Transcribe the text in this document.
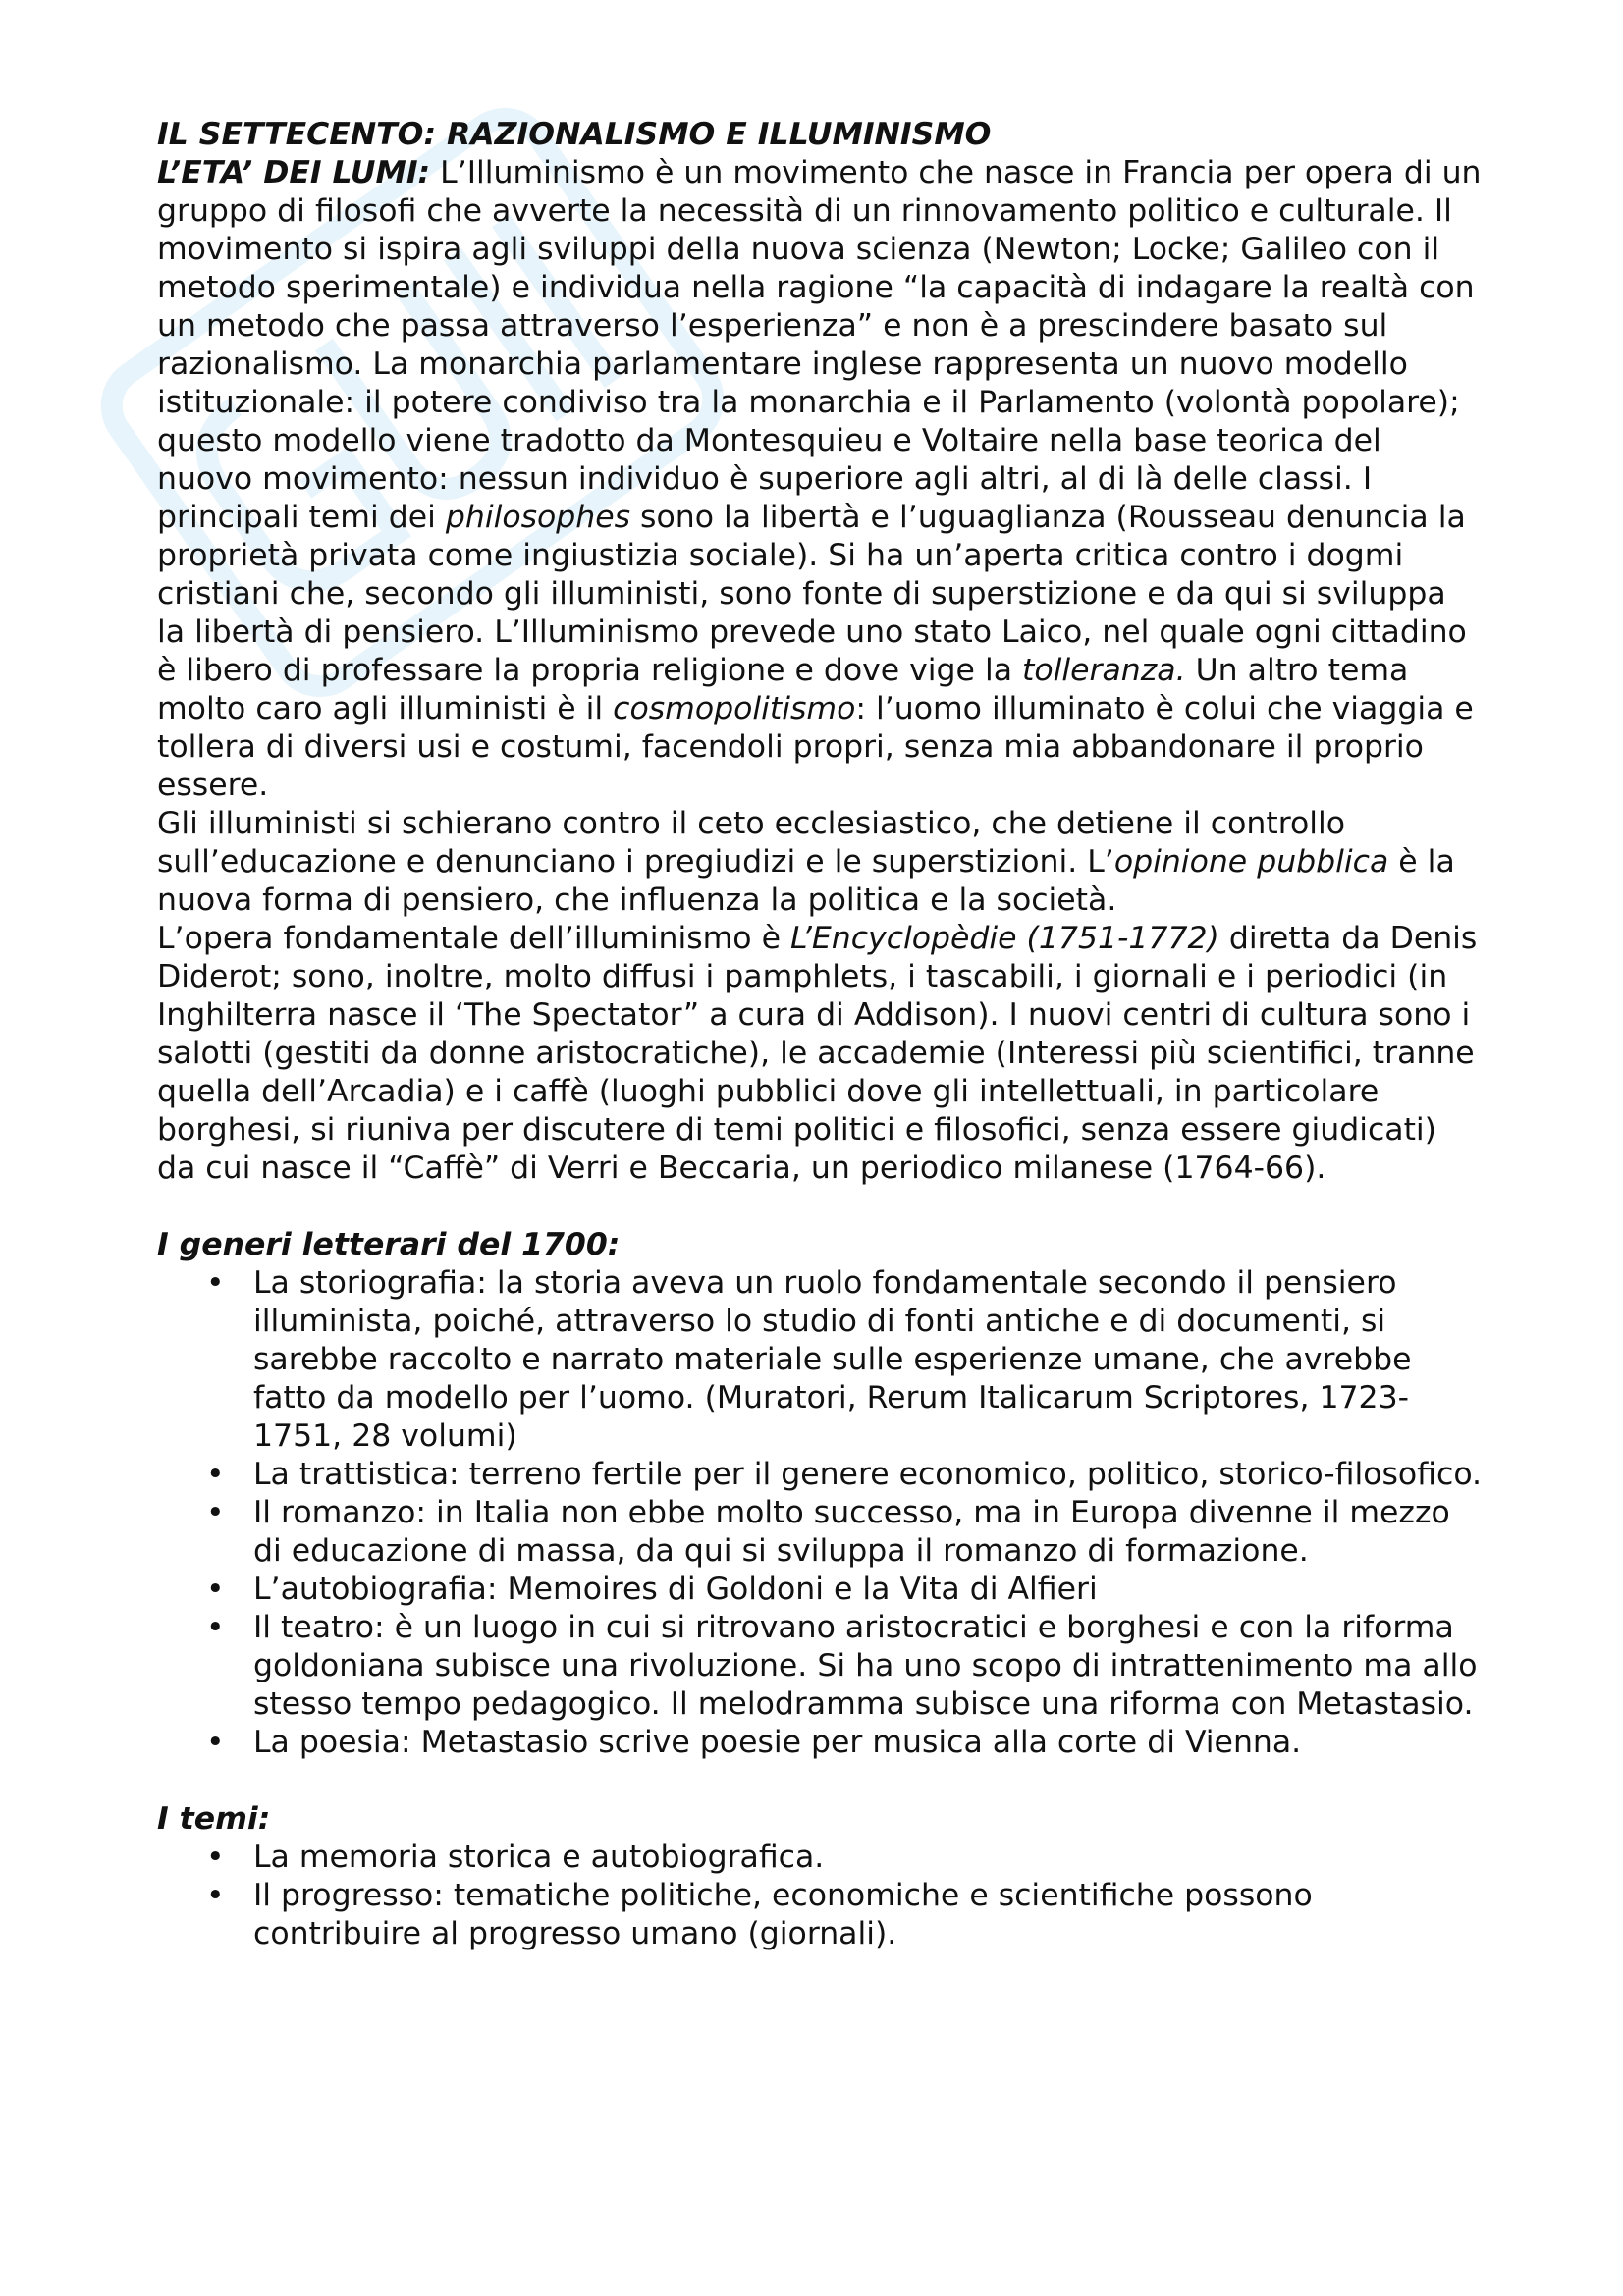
IL SETTECENTO: RAZIONALISMO E ILLUMINISMO

L’ETA’ DEI LUMI: L’Illuminismo è un movimento che nasce in Francia per opera di un gruppo di filosofi che avverte la necessità di un rinnovamento politico e culturale. Il movimento si ispira agli sviluppi della nuova scienza (Newton; Locke; Galileo con il metodo sperimentale) e individua nella ragione “la capacità di indagare la realtà con un metodo che passa attraverso l’esperienza” e non è a prescindere basato sul razionalismo. La monarchia parlamentare inglese rappresenta un nuovo modello istituzionale: il potere condiviso tra la monarchia e il Parlamento (volontà popolare); questo modello viene tradotto da Montesquieu e Voltaire nella base teorica del nuovo movimento: nessun individuo è superiore agli altri, al di là delle classi. I principali temi dei philosophes sono la libertà e l’uguaglianza (Rousseau denuncia la proprietà privata come ingiustizia sociale). Si ha un’aperta critica contro i dogmi cristiani che, secondo gli illuministi, sono fonte di superstizione e da qui si sviluppa la libertà di pensiero. L’Illuminismo prevede uno stato Laico, nel quale ogni cittadino è libero di professare la propria religione e dove vige la tolleranza. Un altro tema molto caro agli illuministi è il cosmopolitismo: l’uomo illuminato è colui che viaggia e tollera di diversi usi e costumi, facendoli propri, senza mia abbandonare il proprio essere.

Gli illuministi si schierano contro il ceto ecclesiastico, che detiene il controllo sull’educazione e denunciano i pregiudizi e le superstizioni. L’opinione pubblica è la nuova forma di pensiero, che influenza la politica e la società.

L’opera fondamentale dell’illuminismo è L’Encyclopèdie (1751-1772) diretta da Denis Diderot; sono, inoltre, molto diffusi i pamphlets, i tascabili, i giornali e i periodici (in Inghilterra nasce il ‘The Spectator” a cura di Addison). I nuovi centri di cultura sono i salotti (gestiti da donne aristocratiche), le accademie (Interessi più scientifici, tranne quella dell’Arcadia) e i caffè (luoghi pubblici dove gli intellettuali, in particolare borghesi, si riuniva per discutere di temi politici e filosofici, senza essere giudicati) da cui nasce il “Caffè” di Verri e Beccaria, un periodico milanese (1764-66).

I generi letterari del 1700:

• La storiografia: la storia aveva un ruolo fondamentale secondo il pensiero illuminista, poiché, attraverso lo studio di fonti antiche e di documenti, si sarebbe raccolto e narrato materiale sulle esperienze umane, che avrebbe fatto da modello per l’uomo. (Muratori, Rerum Italicarum Scriptores, 1723-1751, 28 volumi)
• La trattistica: terreno fertile per il genere economico, politico, storico-filosofico.
• Il romanzo: in Italia non ebbe molto successo, ma in Europa divenne il mezzo di educazione di massa, da qui si sviluppa il romanzo di formazione.
• L’autobiografia: Memoires di Goldoni e la Vita di Alfieri
• Il teatro: è un luogo in cui si ritrovano aristocratici e borghesi e con la riforma goldoniana subisce una rivoluzione. Si ha uno scopo di intrattenimento ma allo stesso tempo pedagogico. Il melodramma subisce una riforma con Metastasio.
• La poesia: Metastasio scrive poesie per musica alla corte di Vienna.

I temi:

• La memoria storica e autobiografica.
• Il progresso: tematiche politiche, economiche e scientifiche possono contribuire al progresso umano (giornali).
